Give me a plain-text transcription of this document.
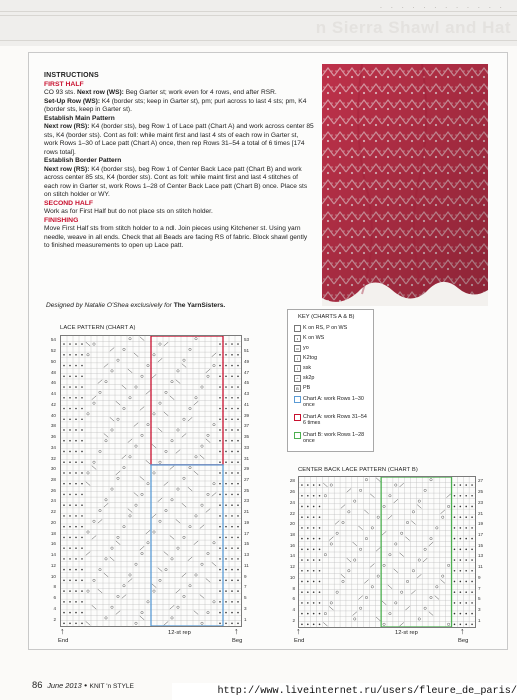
· · · · · · · · · · · ·
n Sierra Shawl and Hat

INSTRUCTIONS

FIRST HALF

CO 93 sts. Next row (WS): Beg Garter st; work even for 4 rows, end after RSR.

Set-Up Row (WS): K4 (border sts; keep in Garter st), pm; purl across to last 4 sts; pm, K4 (border sts, keep in Garter st).

Establish Main Pattern

Next row (RS): K4 (border sts), beg Row 1 of Lace patt (Chart A) and work across center 85 sts, K4 (border sts). Cont as foll: while maint first and last 4 sts of each row in Garter st, work Rows 1–30 of Lace patt (Chart A) once, then rep Rows 31–54 a total of 6 times [174 rows total].

Establish Border Pattern

Next row (RS): K4 (border sts), beg Row 1 of Center Back Lace patt (Chart B) and work across center 85 sts, K4 (border sts). Cont as foll: while maint first and last 4 stitches of each row in Garter st, work Rows 1–28 of Center Back Lace patt (Chart B) once. Place sts on stitch holder or WY.

SECOND HALF

Work as for First Half but do not place sts on stitch holder.

FINISHING

Move First Half sts from stitch holder to a ndl. Join pieces using Kitchener st. Using yarn needle, weave in all ends. Check that all Beads are facing RS of fabric. Block shawl gently to finished measurements to open up Lace patt.

Designed by Natalie O'Shea exclusively for The YarnSisters.
KEY (CHARTS A & B)
K on RS, P on WS
• K on WS
o yo
/ K2tog
\ ssk
^ sk2p
B PB
Chart A: work Rows 1–30 once
Chart A: work Rows 31–54 6 times
Chart B: work Rows 1–28 once
LACE PATTERN (CHART A)
54
52
50
48
46
44
42
40
38
36
34
32
30
28
26
24
22
20
18
16
14
12
10
8
6
4
2
53
51
49
47
45
43
41
39
37
35
33
31
29
27
25
23
21
19
17
15
13
11
9
7
5
3
1
↑
End
12-st rep	↑
Beg
CENTER BACK LACE PATTERN (CHART B)
28
26
24
22
20
18
16
14
12
10
8
6
4
2
27
25
23
21
19
17
15
13
11
9
7
5
3
1
↑
End
12-st rep	↑
Beg
86 June 2013 • KNIT 'n STYLE	http://www.liveinternet.ru/users/fleure_de_paris/
